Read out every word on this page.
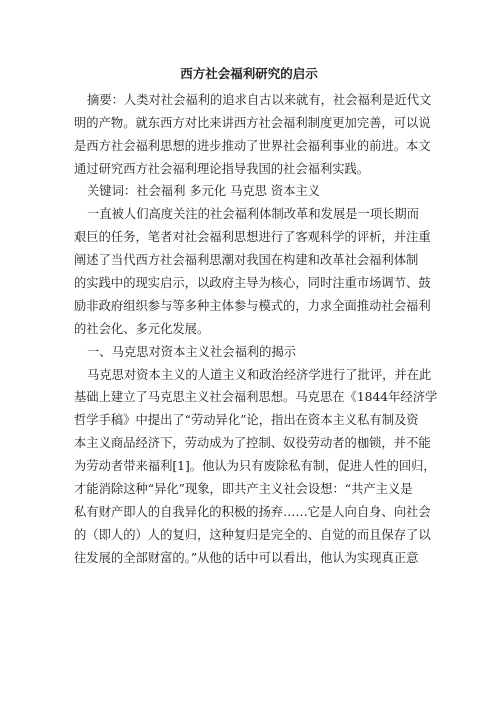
西方社会福利研究的启示
摘要：人类对社会福利的追求自古以来就有，社会福利是近代文
明的产物。就东西方对比来讲西方社会福利制度更加完善，可以说
是西方社会福利思想的进步推动了世界社会福利事业的前进。本文
通过研究西方社会福利理论指导我国的社会福利实践。
关键词：社会福利 多元化 马克思 资本主义
一直被人们高度关注的社会福利体制改革和发展是一项长期而
艰巨的任务，笔者对社会福利思想进行了客观科学的评析，并注重
阐述了当代西方社会福利思潮对我国在构建和改革社会福利体制
的实践中的现实启示，以政府主导为核心，同时注重市场调节、鼓
励非政府组织参与等多种主体参与模式的，力求全面推动社会福利
的社会化、多元化发展。
一、马克思对资本主义社会福利的揭示
马克思对资本主义的人道主义和政治经济学进行了批评，并在此
基础上建立了马克思主义社会福利思想。马克思在《1844年经济学
哲学手稿》中提出了“劳动异化”论，指出在资本主义私有制及资
本主义商品经济下，劳动成为了控制、奴役劳动者的枷锁，并不能
为劳动者带来福利[1]。他认为只有废除私有制，促进人性的回归，
才能消除这种“异化”现象，即共产主义社会设想：“共产主义是
私有财产即人的自我异化的积极的扬弃……它是人向自身、向社会
的（即人的）人的复归，这种复归是完全的、自觉的而且保存了以
往发展的全部财富的。”从他的话中可以看出，他认为实现真正意
